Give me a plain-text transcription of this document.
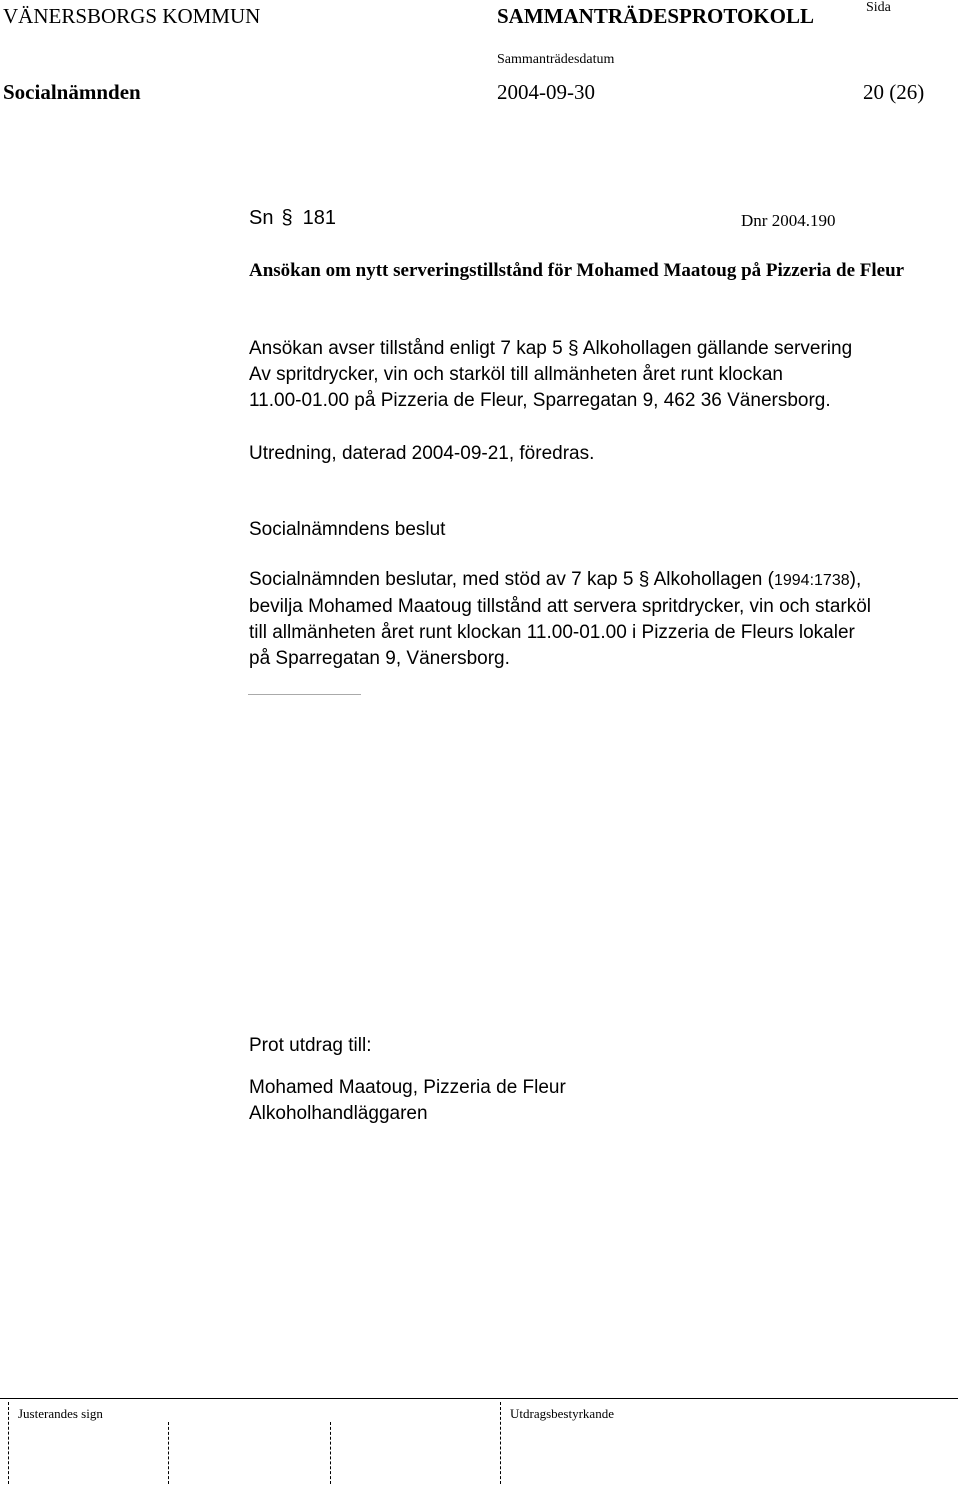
VÄNERSBORGS KOMMUN	SAMMANTRÄDESPROTOKOLL	Sida
Sammanträdesdatum
Socialnämnden	2004-09-30	20 (26)
Sn § 181	Dnr 2004.190
Ansökan om nytt serveringstillstånd för Mohamed Maatoug på Pizzeria de Fleur
Ansökan avser tillstånd enligt 7 kap 5 § Alkohollagen gällande servering
Av spritdrycker, vin och starköl till allmänheten året runt klockan
11.00-01.00 på Pizzeria de Fleur, Sparregatan 9, 462 36 Vänersborg.
Utredning, daterad 2004-09-21, föredras.
Socialnämndens beslut
Socialnämnden beslutar, med stöd av 7 kap 5 § Alkohollagen (1994:1738),
bevilja Mohamed Maatoug tillstånd att servera spritdrycker, vin och starköl
till allmänheten året runt klockan 11.00-01.00 i Pizzeria de Fleurs lokaler
på Sparregatan 9, Vänersborg.
Prot utdrag till:
Mohamed Maatoug, Pizzeria de Fleur
Alkoholhandläggaren
Justerandes sign	Utdragsbestyrkande
